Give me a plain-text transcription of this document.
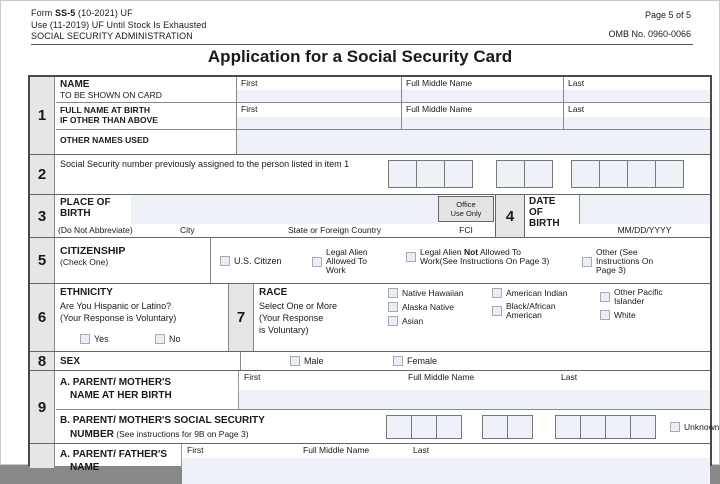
Form SS-5 (10-2021) UF
Use (11-2019) UF Until Stock Is Exhausted
SOCIAL SECURITY ADMINISTRATION
Page 5 of 5
OMB No. 0960-0066
Application for a Social Security Card
1
NAME
TO BE SHOWN ON CARD
First	Full Middle Name	Last
FULL NAME AT BIRTH
IF OTHER THAN ABOVE
First	Full Middle Name	Last
OTHER NAMES USED
2
Social Security number previously assigned to the person listed in item 1
3
PLACE OF
BIRTH
(Do Not Abbreviate)	City	State or Foreign Country
Office
Use Only
FCI
4
DATE
OF
BIRTH
MM/DD/YYYY
5
CITIZENSHIP
(Check One)	U.S. Citizen
Legal Alien Allowed To Work
Legal Alien Not Allowed To Work(See Instructions On Page 3)
Other (See Instructions On Page 3)
6
ETHNICITY
Are You Hispanic or Latino?
(Your Response is Voluntary)
Yes	No
7
RACE
Select One or More
(Your Response
is Voluntary)
Native Hawaiian
Alaska Native
Asian
American Indian
Black/African American
Other Pacific Islander
White
8	SEX	Male	Female
9
A. PARENT/ MOTHER'S
NAME AT HER BIRTH
First	Full Middle Name	Last
B. PARENT/ MOTHER'S SOCIAL SECURITY
NUMBER (See instructions for 9B on Page 3)
Unknown
A. PARENT/ FATHER'S
NAME
First	Full Middle Name	Last
